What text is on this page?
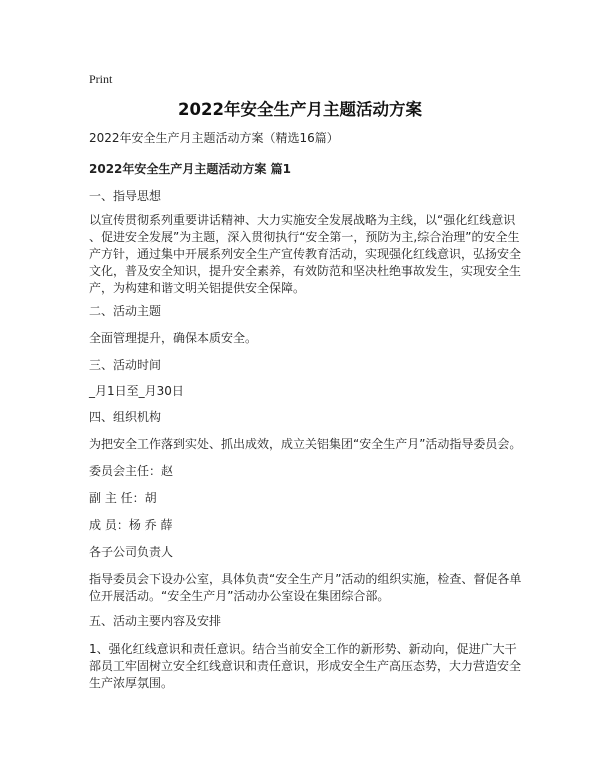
Print
2022年安全生产月主题活动方案
2022年安全生产月主题活动方案（精选16篇）
2022年安全生产月主题活动方案 篇1
一、指导思想
以宣传贯彻系列重要讲话精神、大力实施安全发展战略为主线，以“强化红线意识
、促进安全发展”为主题，深入贯彻执行“安全第一，预防为主,综合治理”的安全生
产方针，通过集中开展系列安全生产宣传教育活动，实现强化红线意识，弘扬安全
文化，普及安全知识，提升安全素养，有效防范和坚决杜绝事故发生，实现安全生
产，为构建和谐文明关铝提供安全保障。
二、活动主题
全面管理提升，确保本质安全。
三、活动时间
_月1日至_月30日
四、组织机构
为把安全工作落到实处、抓出成效，成立关铝集团“安全生产月”活动指导委员会。
委员会主任：赵
副 主 任：胡
成 员：杨 乔 薛
各子公司负责人
指导委员会下设办公室，具体负责“安全生产月”活动的组织实施，检查、督促各单
位开展活动。“安全生产月”活动办公室设在集团综合部。
五、活动主要内容及安排
1、强化红线意识和责任意识。结合当前安全工作的新形势、新动向，促进广大干
部员工牢固树立安全红线意识和责任意识，形成安全生产高压态势，大力营造安全
生产浓厚氛围。
